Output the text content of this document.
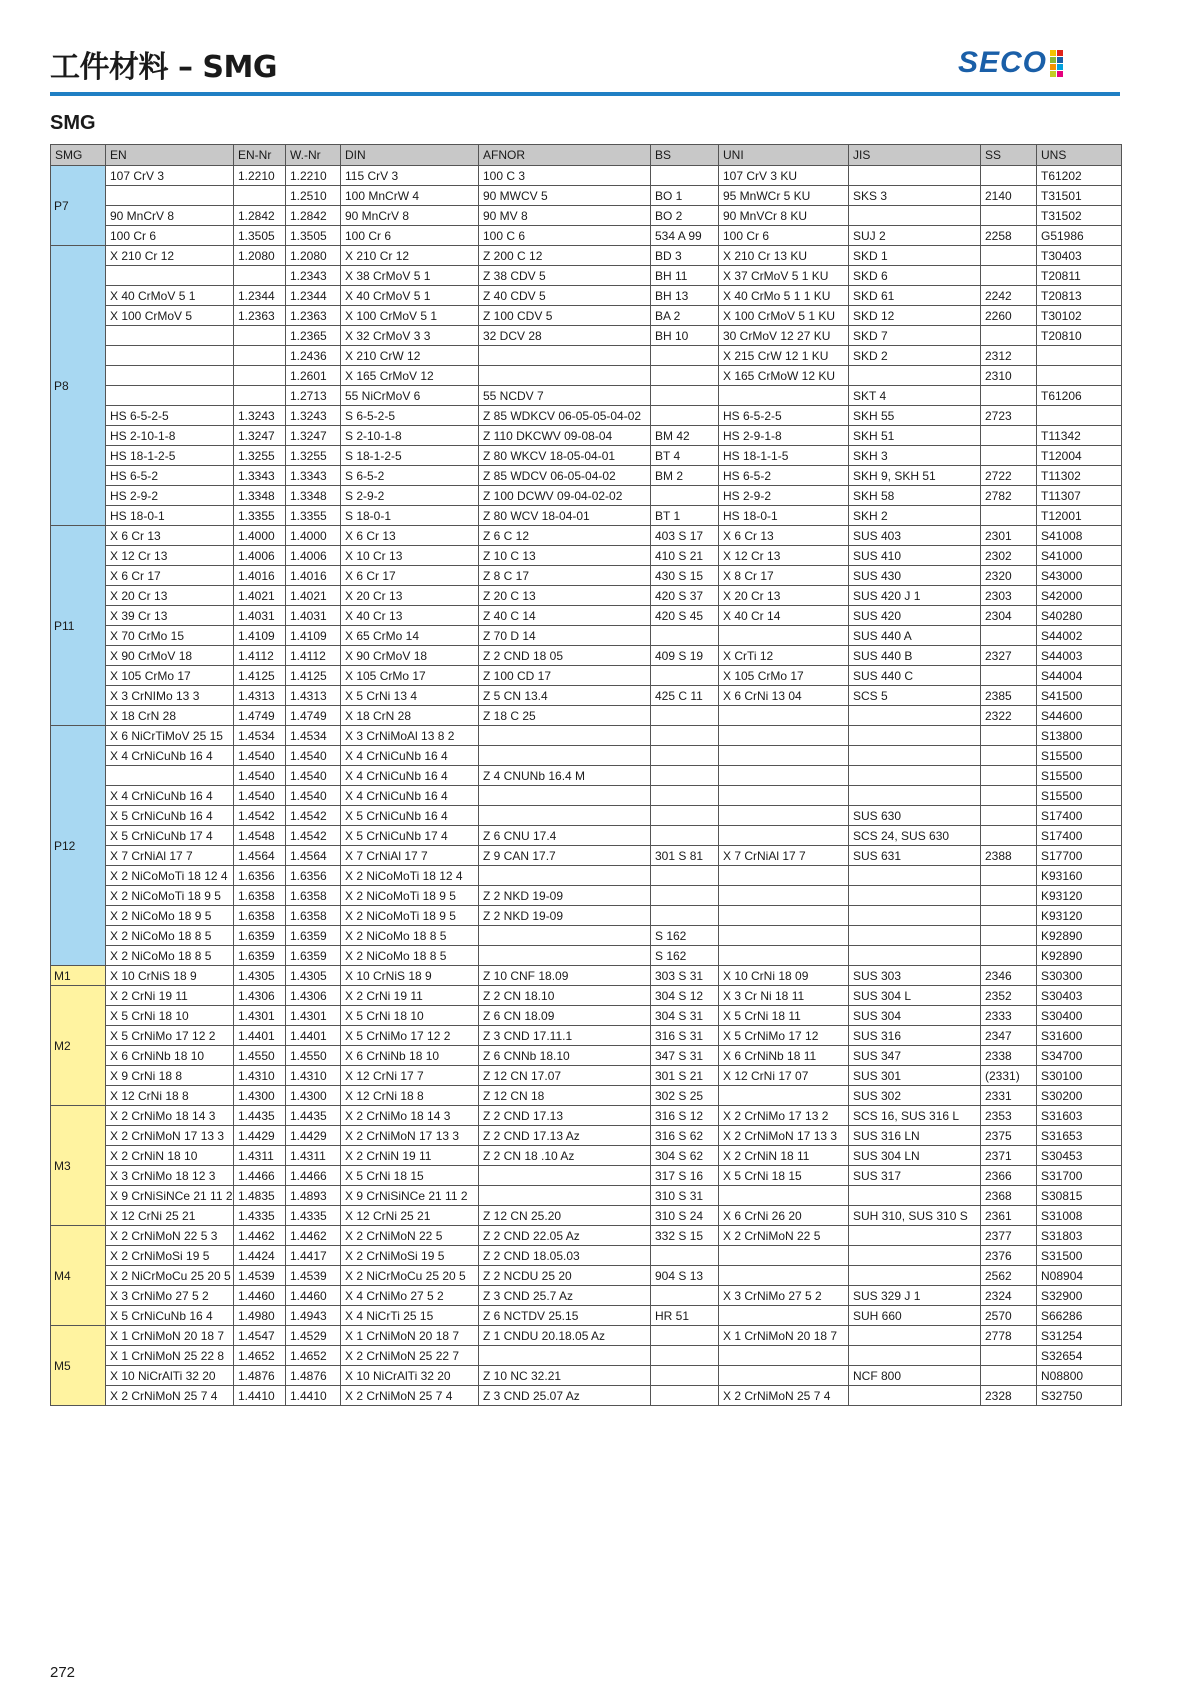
工件材料 – SMG	SECO
SMG
SMG	EN	EN-Nr	W.-Nr	DIN	AFNOR	BS	UNI	JIS	SS	UNS
P7	107 CrV 3	1.2210	1.2210	115 CrV 3	100 C 3		107 CrV 3 KU			T61202
			1.2510	100 MnCrW 4	90 MWCV 5	BO 1	95 MnWCr 5 KU	SKS 3	2140	T31501
	90 MnCrV 8	1.2842	1.2842	90 MnCrV 8	90 MV 8	BO 2	90 MnVCr 8 KU			T31502
	100 Cr 6	1.3505	1.3505	100 Cr 6	100 C 6	534 A 99	100 Cr 6	SUJ 2	2258	G51986
P8	X 210 Cr 12	1.2080	1.2080	X 210 Cr 12	Z 200 C 12	BD 3	X 210 Cr 13 KU	SKD 1		T30403
			1.2343	X 38 CrMoV 5 1	Z 38 CDV 5	BH 11	X 37 CrMoV 5 1 KU	SKD 6		T20811
	X 40 CrMoV 5 1	1.2344	1.2344	X 40 CrMoV 5 1	Z 40 CDV 5	BH 13	X 40 CrMo 5 1 1 KU	SKD 61	2242	T20813
	X 100 CrMoV 5	1.2363	1.2363	X 100 CrMoV 5 1	Z 100 CDV 5	BA 2	X 100 CrMoV 5 1 KU	SKD 12	2260	T30102
			1.2365	X 32 CrMoV 3 3	32 DCV 28	BH 10	30 CrMoV 12 27 KU	SKD 7		T20810
			1.2436	X 210 CrW 12			X 215 CrW 12 1 KU	SKD 2	2312	
			1.2601	X 165 CrMoV 12			X 165 CrMoW 12 KU		2310	
			1.2713	55 NiCrMoV 6	55 NCDV 7			SKT 4		T61206
	HS 6-5-2-5	1.3243	1.3243	S 6-5-2-5	Z 85 WDKCV 06-05-05-04-02		HS 6-5-2-5	SKH 55	2723	
	HS 2-10-1-8	1.3247	1.3247	S 2-10-1-8	Z 110 DKCWV 09-08-04	BM 42	HS 2-9-1-8	SKH 51		T11342
	HS 18-1-2-5	1.3255	1.3255	S 18-1-2-5	Z 80 WKCV 18-05-04-01	BT 4	HS 18-1-1-5	SKH 3		T12004
	HS 6-5-2	1.3343	1.3343	S 6-5-2	Z 85 WDCV 06-05-04-02	BM 2	HS 6-5-2	SKH 9, SKH 51	2722	T11302
	HS 2-9-2	1.3348	1.3348	S 2-9-2	Z 100 DCWV 09-04-02-02		HS 2-9-2	SKH 58	2782	T11307
	HS 18-0-1	1.3355	1.3355	S 18-0-1	Z 80 WCV 18-04-01	BT 1	HS 18-0-1	SKH 2		T12001
P11	X 6 Cr 13	1.4000	1.4000	X 6 Cr 13	Z 6 C 12	403 S 17	X 6 Cr 13	SUS 403	2301	S41008
	X 12 Cr 13	1.4006	1.4006	X 10 Cr 13	Z 10 C 13	410 S 21	X 12 Cr 13	SUS 410	2302	S41000
	X 6 Cr 17	1.4016	1.4016	X 6 Cr 17	Z 8 C 17	430 S 15	X 8 Cr 17	SUS 430	2320	S43000
	X 20 Cr 13	1.4021	1.4021	X 20 Cr 13	Z 20 C 13	420 S 37	X 20 Cr 13	SUS 420 J 1	2303	S42000
	X 39 Cr 13	1.4031	1.4031	X 40 Cr 13	Z 40 C 14	420 S 45	X 40 Cr 14	SUS 420	2304	S40280
	X 70 CrMo 15	1.4109	1.4109	X 65 CrMo 14	Z 70 D 14			SUS 440 A		S44002
	X 90 CrMoV 18	1.4112	1.4112	X 90 CrMoV 18	Z 2 CND 18 05	409 S 19	X CrTi 12	SUS 440 B	2327	S44003
	X 105 CrMo 17	1.4125	1.4125	X 105 CrMo 17	Z 100 CD 17		X 105 CrMo 17	SUS 440 C		S44004
	X 3 CrNIMo 13 3	1.4313	1.4313	X 5 CrNi 13 4	Z 5 CN 13.4	425 C 11	X 6 CrNi 13 04	SCS 5	2385	S41500
	X 18 CrN 28	1.4749	1.4749	X 18 CrN 28	Z 18 C 25				2322	S44600
P12	X 6 NiCrTiMoV 25 15	1.4534	1.4534	X 3 CrNiMoAl 13 8 2						S13800
	X 4 CrNiCuNb 16 4	1.4540	1.4540	X 4 CrNiCuNb 16 4						S15500
		1.4540	1.4540	X 4 CrNiCuNb 16 4	Z 4 CNUNb 16.4 M					S15500
	X 4 CrNiCuNb 16 4	1.4540	1.4540	X 4 CrNiCuNb 16 4						S15500
	X 5 CrNiCuNb 16 4	1.4542	1.4542	X 5 CrNiCuNb 16 4				SUS 630		S17400
	X 5 CrNiCuNb 17 4	1.4548	1.4542	X 5 CrNiCuNb 17 4	Z 6 CNU 17.4			SCS 24, SUS 630		S17400
	X 7 CrNiAl 17 7	1.4564	1.4564	X 7 CrNiAl 17 7	Z 9 CAN 17.7	301 S 81	X 7 CrNiAl 17 7	SUS 631	2388	S17700
	X 2 NiCoMoTi 18 12 4	1.6356	1.6356	X 2 NiCoMoTi 18 12 4						K93160
	X 2 NiCoMoTi 18 9 5	1.6358	1.6358	X 2 NiCoMoTi 18 9 5	Z 2 NKD 19-09					K93120
	X 2 NiCoMo 18 9 5	1.6358	1.6358	X 2 NiCoMoTi 18 9 5	Z 2 NKD 19-09					K93120
	X 2 NiCoMo 18 8 5	1.6359	1.6359	X 2 NiCoMo 18 8 5		S 162				K92890
	X 2 NiCoMo 18 8 5	1.6359	1.6359	X 2 NiCoMo 18 8 5		S 162				K92890
M1	X 10 CrNiS 18 9	1.4305	1.4305	X 10 CrNiS 18 9	Z 10 CNF 18.09	303 S 31	X 10 CrNi 18 09	SUS 303	2346	S30300
M2	X 2 CrNi 19 11	1.4306	1.4306	X 2 CrNi 19 11	Z 2 CN 18.10	304 S 12	X 3 Cr Ni 18 11	SUS 304 L	2352	S30403
	X 5 CrNi 18 10	1.4301	1.4301	X 5 CrNi 18 10	Z 6 CN 18.09	304 S 31	X 5 CrNi 18 11	SUS 304	2333	S30400
	X 5 CrNiMo 17 12 2	1.4401	1.4401	X 5 CrNiMo 17 12 2	Z 3 CND 17.11.1	316 S 31	X 5 CrNiMo 17 12	SUS 316	2347	S31600
	X 6 CrNiNb 18 10	1.4550	1.4550	X 6 CrNiNb 18 10	Z 6 CNNb 18.10	347 S 31	X 6 CrNiNb 18 11	SUS 347	2338	S34700
	X 9 CrNi 18 8	1.4310	1.4310	X 12 CrNi 17 7	Z 12 CN 17.07	301 S 21	X 12 CrNi 17 07	SUS 301	(2331)	S30100
	X 12 CrNi 18 8	1.4300	1.4300	X 12 CrNi 18 8	Z 12 CN 18	302 S 25		SUS 302	2331	S30200
M3	X 2 CrNiMo 18 14 3	1.4435	1.4435	X 2 CrNiMo 18 14 3	Z 2 CND 17.13	316 S 12	X 2 CrNiMo 17 13 2	SCS 16, SUS 316 L	2353	S31603
	X 2 CrNiMoN 17 13 3	1.4429	1.4429	X 2 CrNiMoN 17 13 3	Z 2 CND 17.13 Az	316 S 62	X 2 CrNiMoN 17 13 3	SUS 316 LN	2375	S31653
	X 2 CrNiN 18 10	1.4311	1.4311	X 2 CrNiN 19 11	Z 2 CN 18 .10 Az	304 S 62	X 2 CrNiN 18 11	SUS 304 LN	2371	S30453
	X 3 CrNiMo 18 12 3	1.4466	1.4466	X 5 CrNi 18 15		317 S 16	X 5 CrNi 18 15	SUS 317	2366	S31700
	X 9 CrNiSiNCe 21 11 2	1.4835	1.4893	X 9 CrNiSiNCe 21 11 2		310 S 31			2368	S30815
	X 12 CrNi 25 21	1.4335	1.4335	X 12 CrNi 25 21	Z 12 CN 25.20	310 S 24	X 6 CrNi 26 20	SUH 310, SUS 310 S	2361	S31008
M4	X 2 CrNiMoN 22 5 3	1.4462	1.4462	X 2 CrNiMoN 22 5	Z 2 CND 22.05 Az	332 S 15	X 2 CrNiMoN 22 5		2377	S31803
	X 2 CrNiMoSi 19 5	1.4424	1.4417	X 2 CrNiMoSi 19 5	Z 2 CND 18.05.03				2376	S31500
	X 2 NiCrMoCu 25 20 5	1.4539	1.4539	X 2 NiCrMoCu 25 20 5	Z 2 NCDU 25 20	904 S 13			2562	N08904
	X 3 CrNiMo 27 5 2	1.4460	1.4460	X 4 CrNiMo 27 5 2	Z 3 CND 25.7 Az		X 3 CrNiMo 27 5 2	SUS 329 J 1	2324	S32900
	X 5 CrNiCuNb 16 4	1.4980	1.4943	X 4 NiCrTi 25 15	Z 6 NCTDV 25.15	HR 51		SUH 660	2570	S66286
M5	X 1 CrNiMoN 20 18 7	1.4547	1.4529	X 1 CrNiMoN 20 18 7	Z 1 CNDU 20.18.05 Az		X 1 CrNiMoN 20 18 7		2778	S31254
	X 1 CrNiMoN 25 22 8	1.4652	1.4652	X 2 CrNiMoN 25 22 7						S32654
	X 10 NiCrAlTi 32 20	1.4876	1.4876	X 10 NiCrAlTi 32 20	Z 10 NC 32.21			NCF 800		N08800
	X 2 CrNiMoN 25 7 4	1.4410	1.4410	X 2 CrNiMoN 25 7 4	Z 3 CND 25.07 Az		X 2 CrNiMoN 25 7 4		2328	S32750
272
